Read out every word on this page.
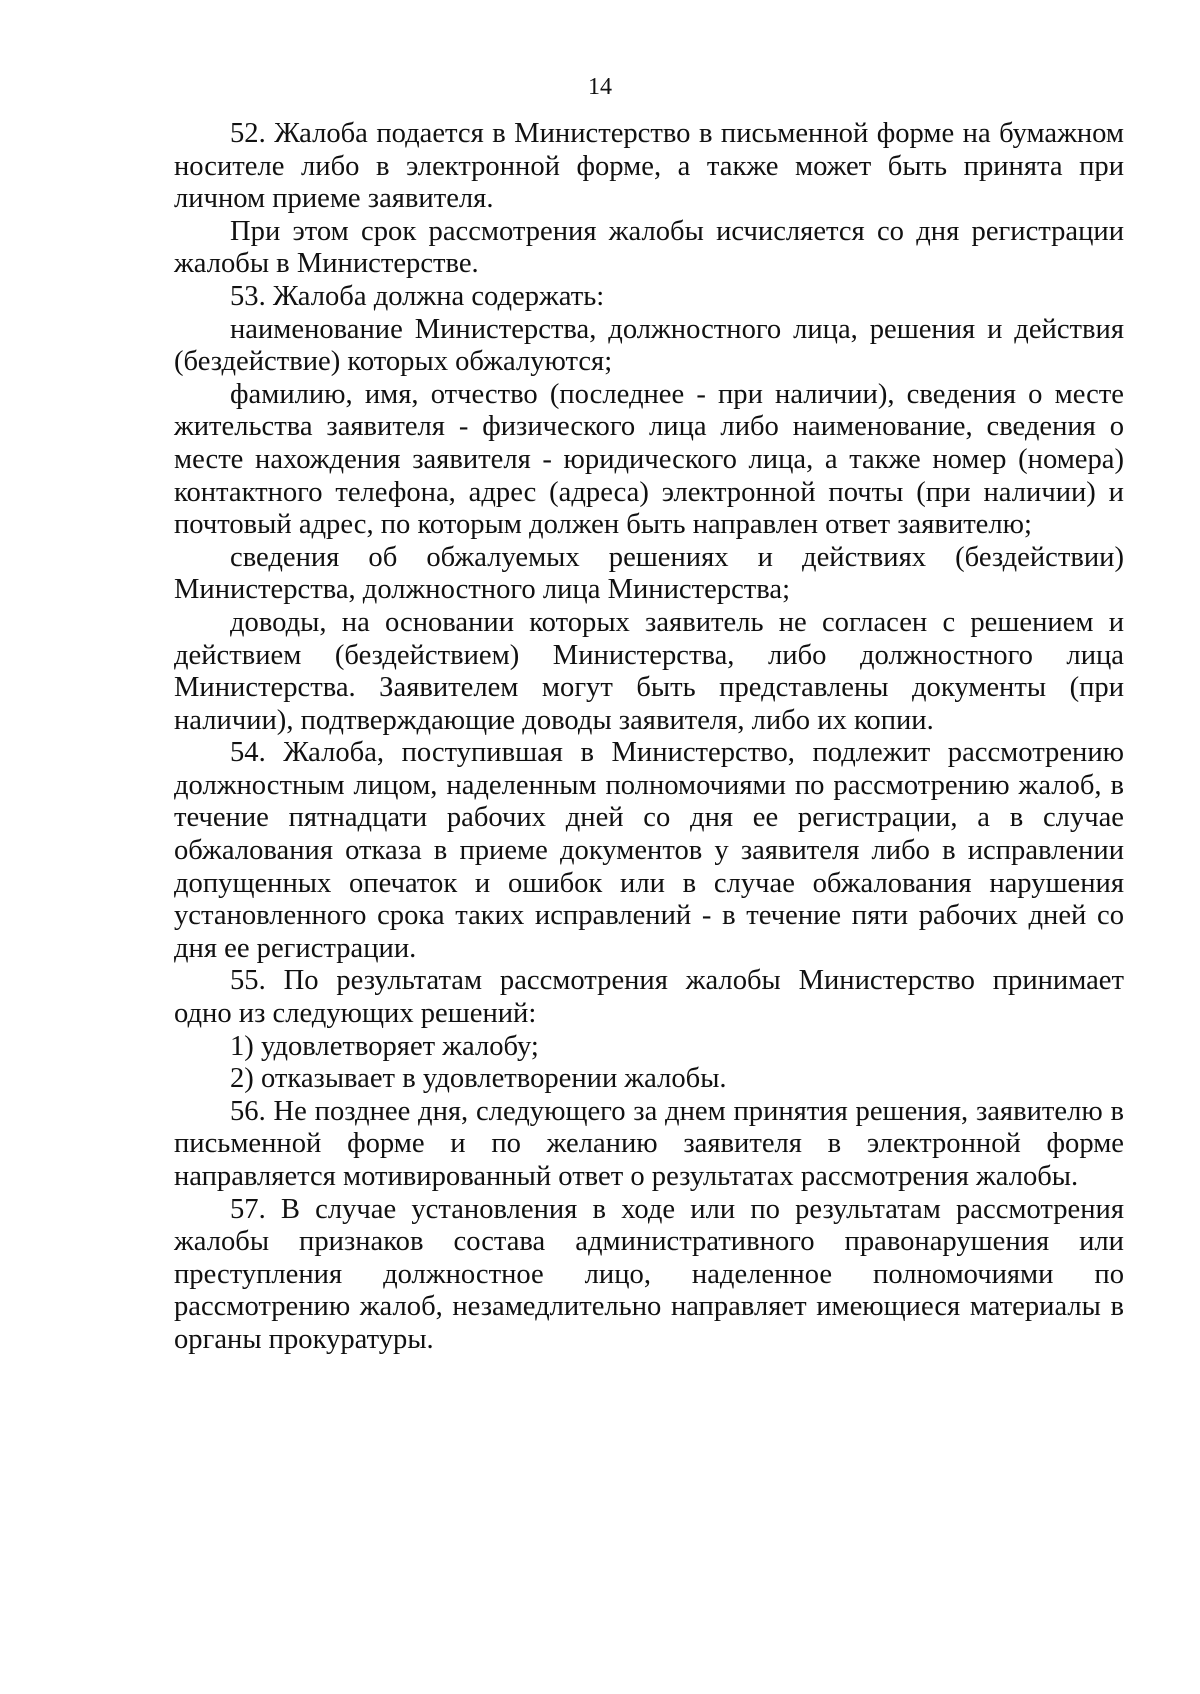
14

52. Жалоба подается в Министерство в письменной форме на бумажном носителе либо в электронной форме, а также может быть принята при личном приеме заявителя.

При этом срок рассмотрения жалобы исчисляется со дня регистрации жалобы в Министерстве.

53. Жалоба должна содержать:

наименование Министерства, должностного лица, решения и действия (бездействие) которых обжалуются;

фамилию, имя, отчество (последнее - при наличии), сведения о месте жительства заявителя - физического лица либо наименование, сведения о месте нахождения заявителя - юридического лица, а также номер (номера) контактного телефона, адрес (адреса) электронной почты (при наличии) и почтовый адрес, по которым должен быть направлен ответ заявителю;

сведения об обжалуемых решениях и действиях (бездействии) Министерства, должностного лица Министерства;

доводы, на основании которых заявитель не согласен с решением и действием (бездействием) Министерства, либо должностного лица Министерства. Заявителем могут быть представлены документы (при наличии), подтверждающие доводы заявителя, либо их копии.

54. Жалоба, поступившая в Министерство, подлежит рассмотрению должностным лицом, наделенным полномочиями по рассмотрению жалоб, в течение пятнадцати рабочих дней со дня ее регистрации, а в случае обжалования отказа в приеме документов у заявителя либо в исправлении допущенных опечаток и ошибок или в случае обжалования нарушения установленного срока таких исправлений - в течение пяти рабочих дней со дня ее регистрации.

55. По результатам рассмотрения жалобы Министерство принимает одно из следующих решений:

1) удовлетворяет жалобу;

2) отказывает в удовлетворении жалобы.

56. Не позднее дня, следующего за днем принятия решения, заявителю в письменной форме и по желанию заявителя в электронной форме направляется мотивированный ответ о результатах рассмотрения жалобы.

57. В случае установления в ходе или по результатам рассмотрения жалобы признаков состава административного правонарушения или преступления должностное лицо, наделенное полномочиями по рассмотрению жалоб, незамедлительно направляет имеющиеся материалы в органы прокуратуры.
